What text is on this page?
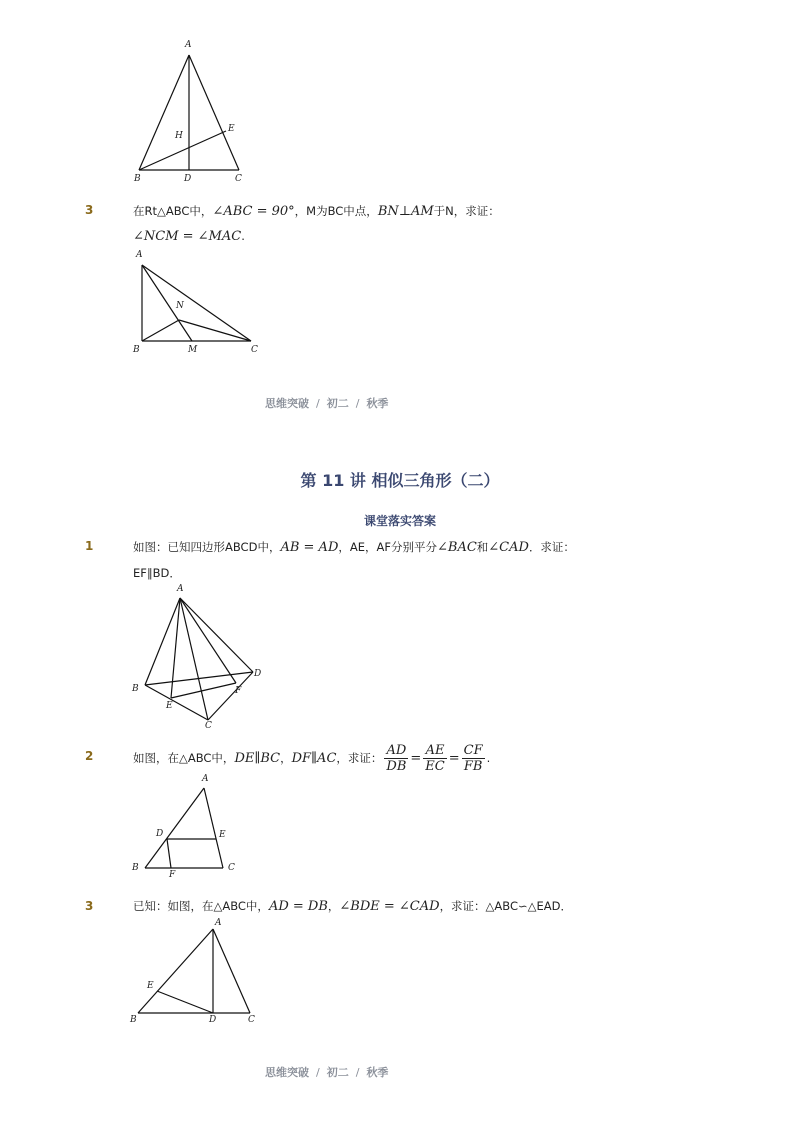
A
B	D	C
E
H
3	在Rt△ABC中，∠ABC = 90°，M为BC中点，BN⊥AM于N，求证：
∠NCM = ∠MAC.
A
B	M	C
N
思维突破 / 初二 / 秋季
第 11 讲 相似三角形（二）
课堂落实答案
1	如图：已知四边形ABCD中，AB = AD，AE，AF分别平分∠BAC和∠CAD．求证：
EF∥BD．
A
B
C
D
E
F
2	如图，在△ABC中， DE∥BC ， DF∥AC ，求证： $\frac{AD}{DB} = \frac{AE}{EC} = \frac{CF}{FB}$ .
A
B	C
D	E
F
3	已知：如图，在△ABC中，AD = DB，∠BDE = ∠CAD，求证：△ABC∽△EAD．
A
B	D	C
E
思维突破 / 初二 / 秋季
